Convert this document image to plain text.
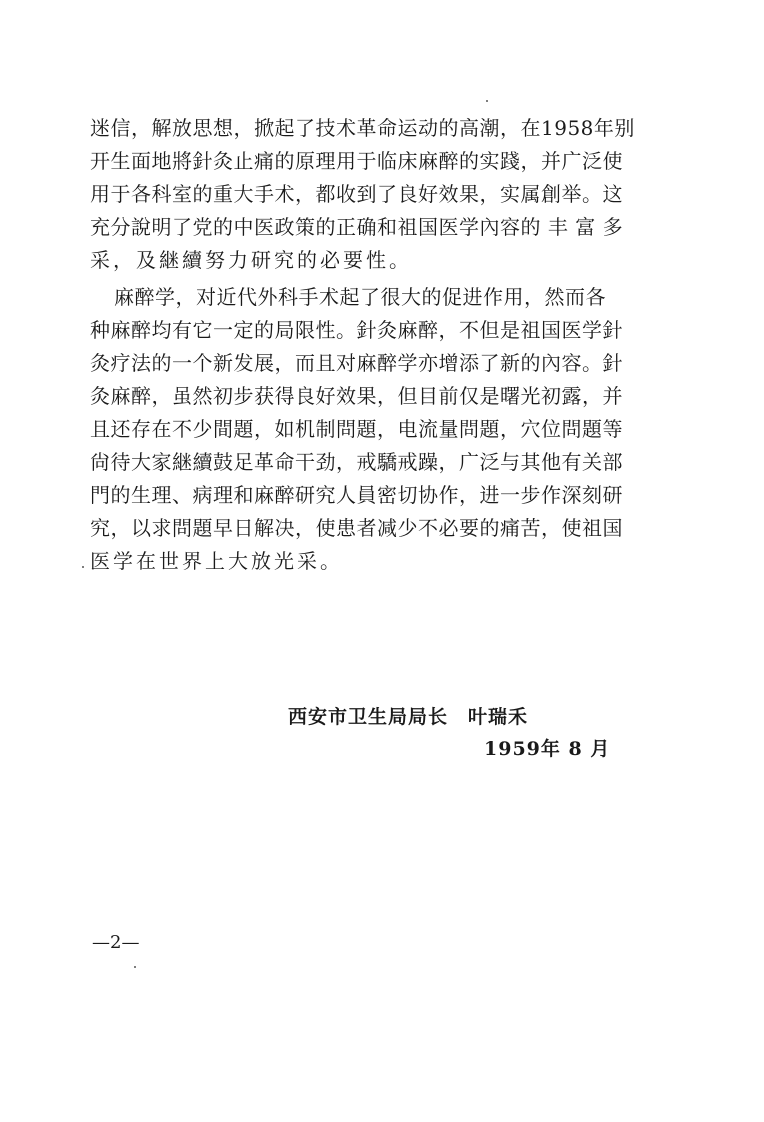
迷信，解放思想，掀起了技术革命运动的高潮，在1958年别
开生面地將針灸止痛的原理用于临床麻醉的实踐，并广泛使
用于各科室的重大手术，都收到了良好效果，实属創举。这
充分說明了党的中医政策的正确和祖国医学內容的 丰 富 多
采，及継續努力研究的必要性。
麻醉学，对近代外科手术起了很大的促进作用，然而各
种麻醉均有它一定的局限性。針灸麻醉，不但是祖国医学針
灸疗法的一个新发展，而且对麻醉学亦增添了新的內容。針
灸麻醉，虽然初步获得良好效果，但目前仅是曙光初露，并
且还存在不少間題，如机制問題，电流量問題，穴位問題等
尙待大家継續鼓足革命干劲，戒驕戒躁，广泛与其他有关部
門的生理、病理和麻醉研究人員密切协作，进一步作深刻研
究，以求問題早日解决，使患者减少不必要的痛苦，使祖国
医学在世界上大放光采。
西安市卫生局局长　叶瑞禾
1959年 8 月
—2—
